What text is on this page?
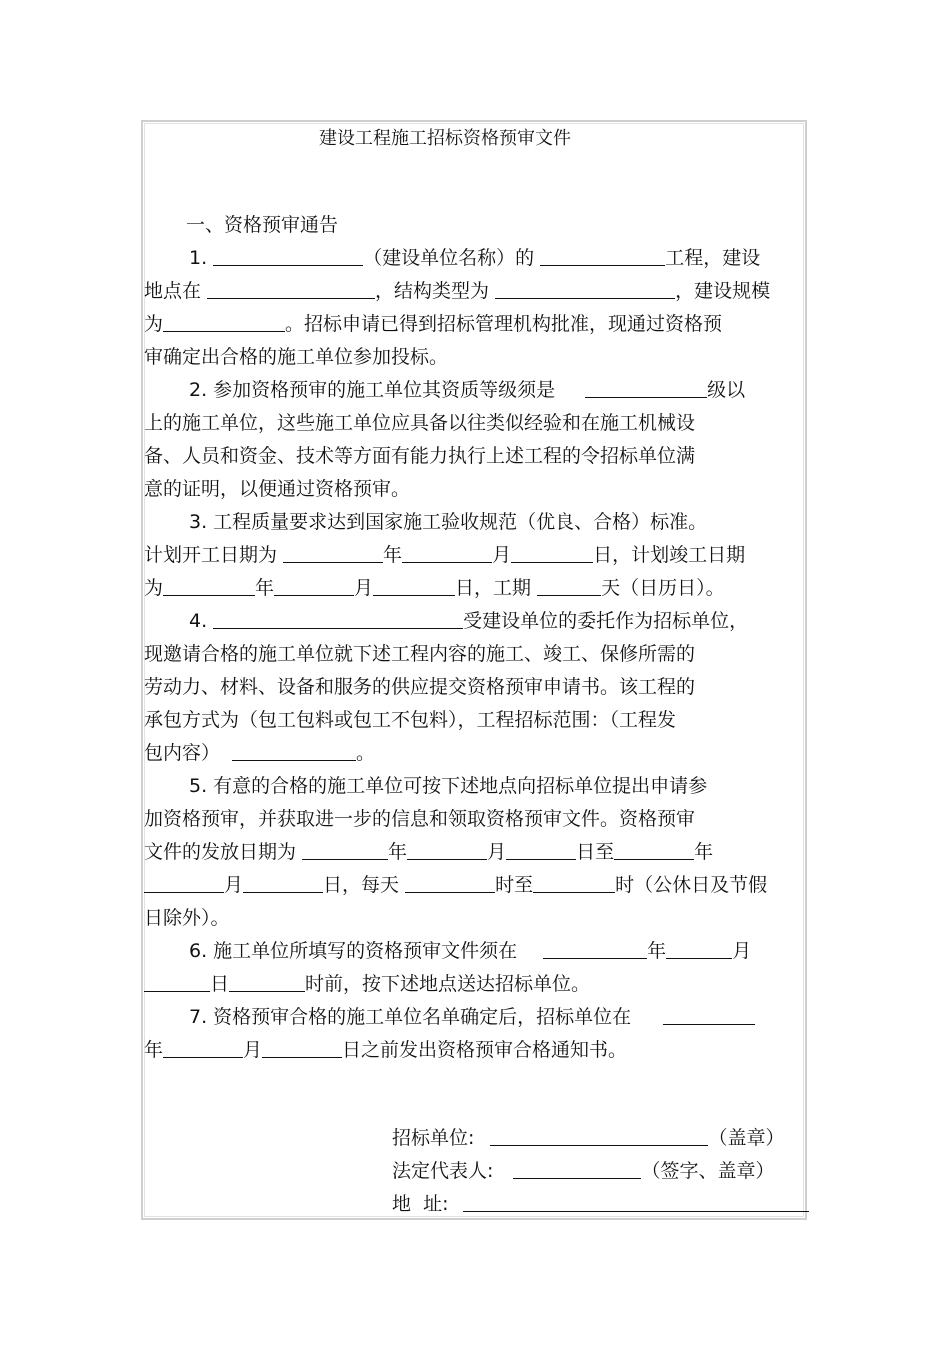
建设工程施工招标资格预审文件
一、资格预审通告
1.	（建设单位名称）的	工程，建设
地点在	，结构类型为	，建设规模
为	。招标申请已得到招标管理机构批准，现通过资格预
审确定出合格的施工单位参加投标。
2. 参加资格预审的施工单位其资质等级须是	级以
上的施工单位，这些施工单位应具备以往类似经验和在施工机械设
备、人员和资金、技术等方面有能力执行上述工程的令招标单位满
意的证明，以便通过资格预审。
3. 工程质量要求达到国家施工验收规范（优良、合格）标准。
计划开工日期为	年	月	日，计划竣工日期
为	年	月	日，工期	天（日历日）。
4.	受建设单位的委托作为招标单位，
现邀请合格的施工单位就下述工程内容的施工、竣工、保修所需的
劳动力、材料、设备和服务的供应提交资格预审申请书。该工程的
承包方式为（包工包料或包工不包料），工程招标范围：（工程发
包内容）	。
5. 有意的合格的施工单位可按下述地点向招标单位提出申请参
加资格预审，并获取进一步的信息和领取资格预审文件。资格预审
文件的发放日期为	年	月	日至	年
月	日，每天	时至	时（公休日及节假
日除外）。
6. 施工单位所填写的资格预审文件须在	年	月
日	时前，按下述地点送达招标单位。
7. 资格预审合格的施工单位名单确定后，招标单位在
年	月	日之前发出资格预审合格通知书。
招标单位:	（盖章）
法定代表人:	（签字、盖章）
地  址:
